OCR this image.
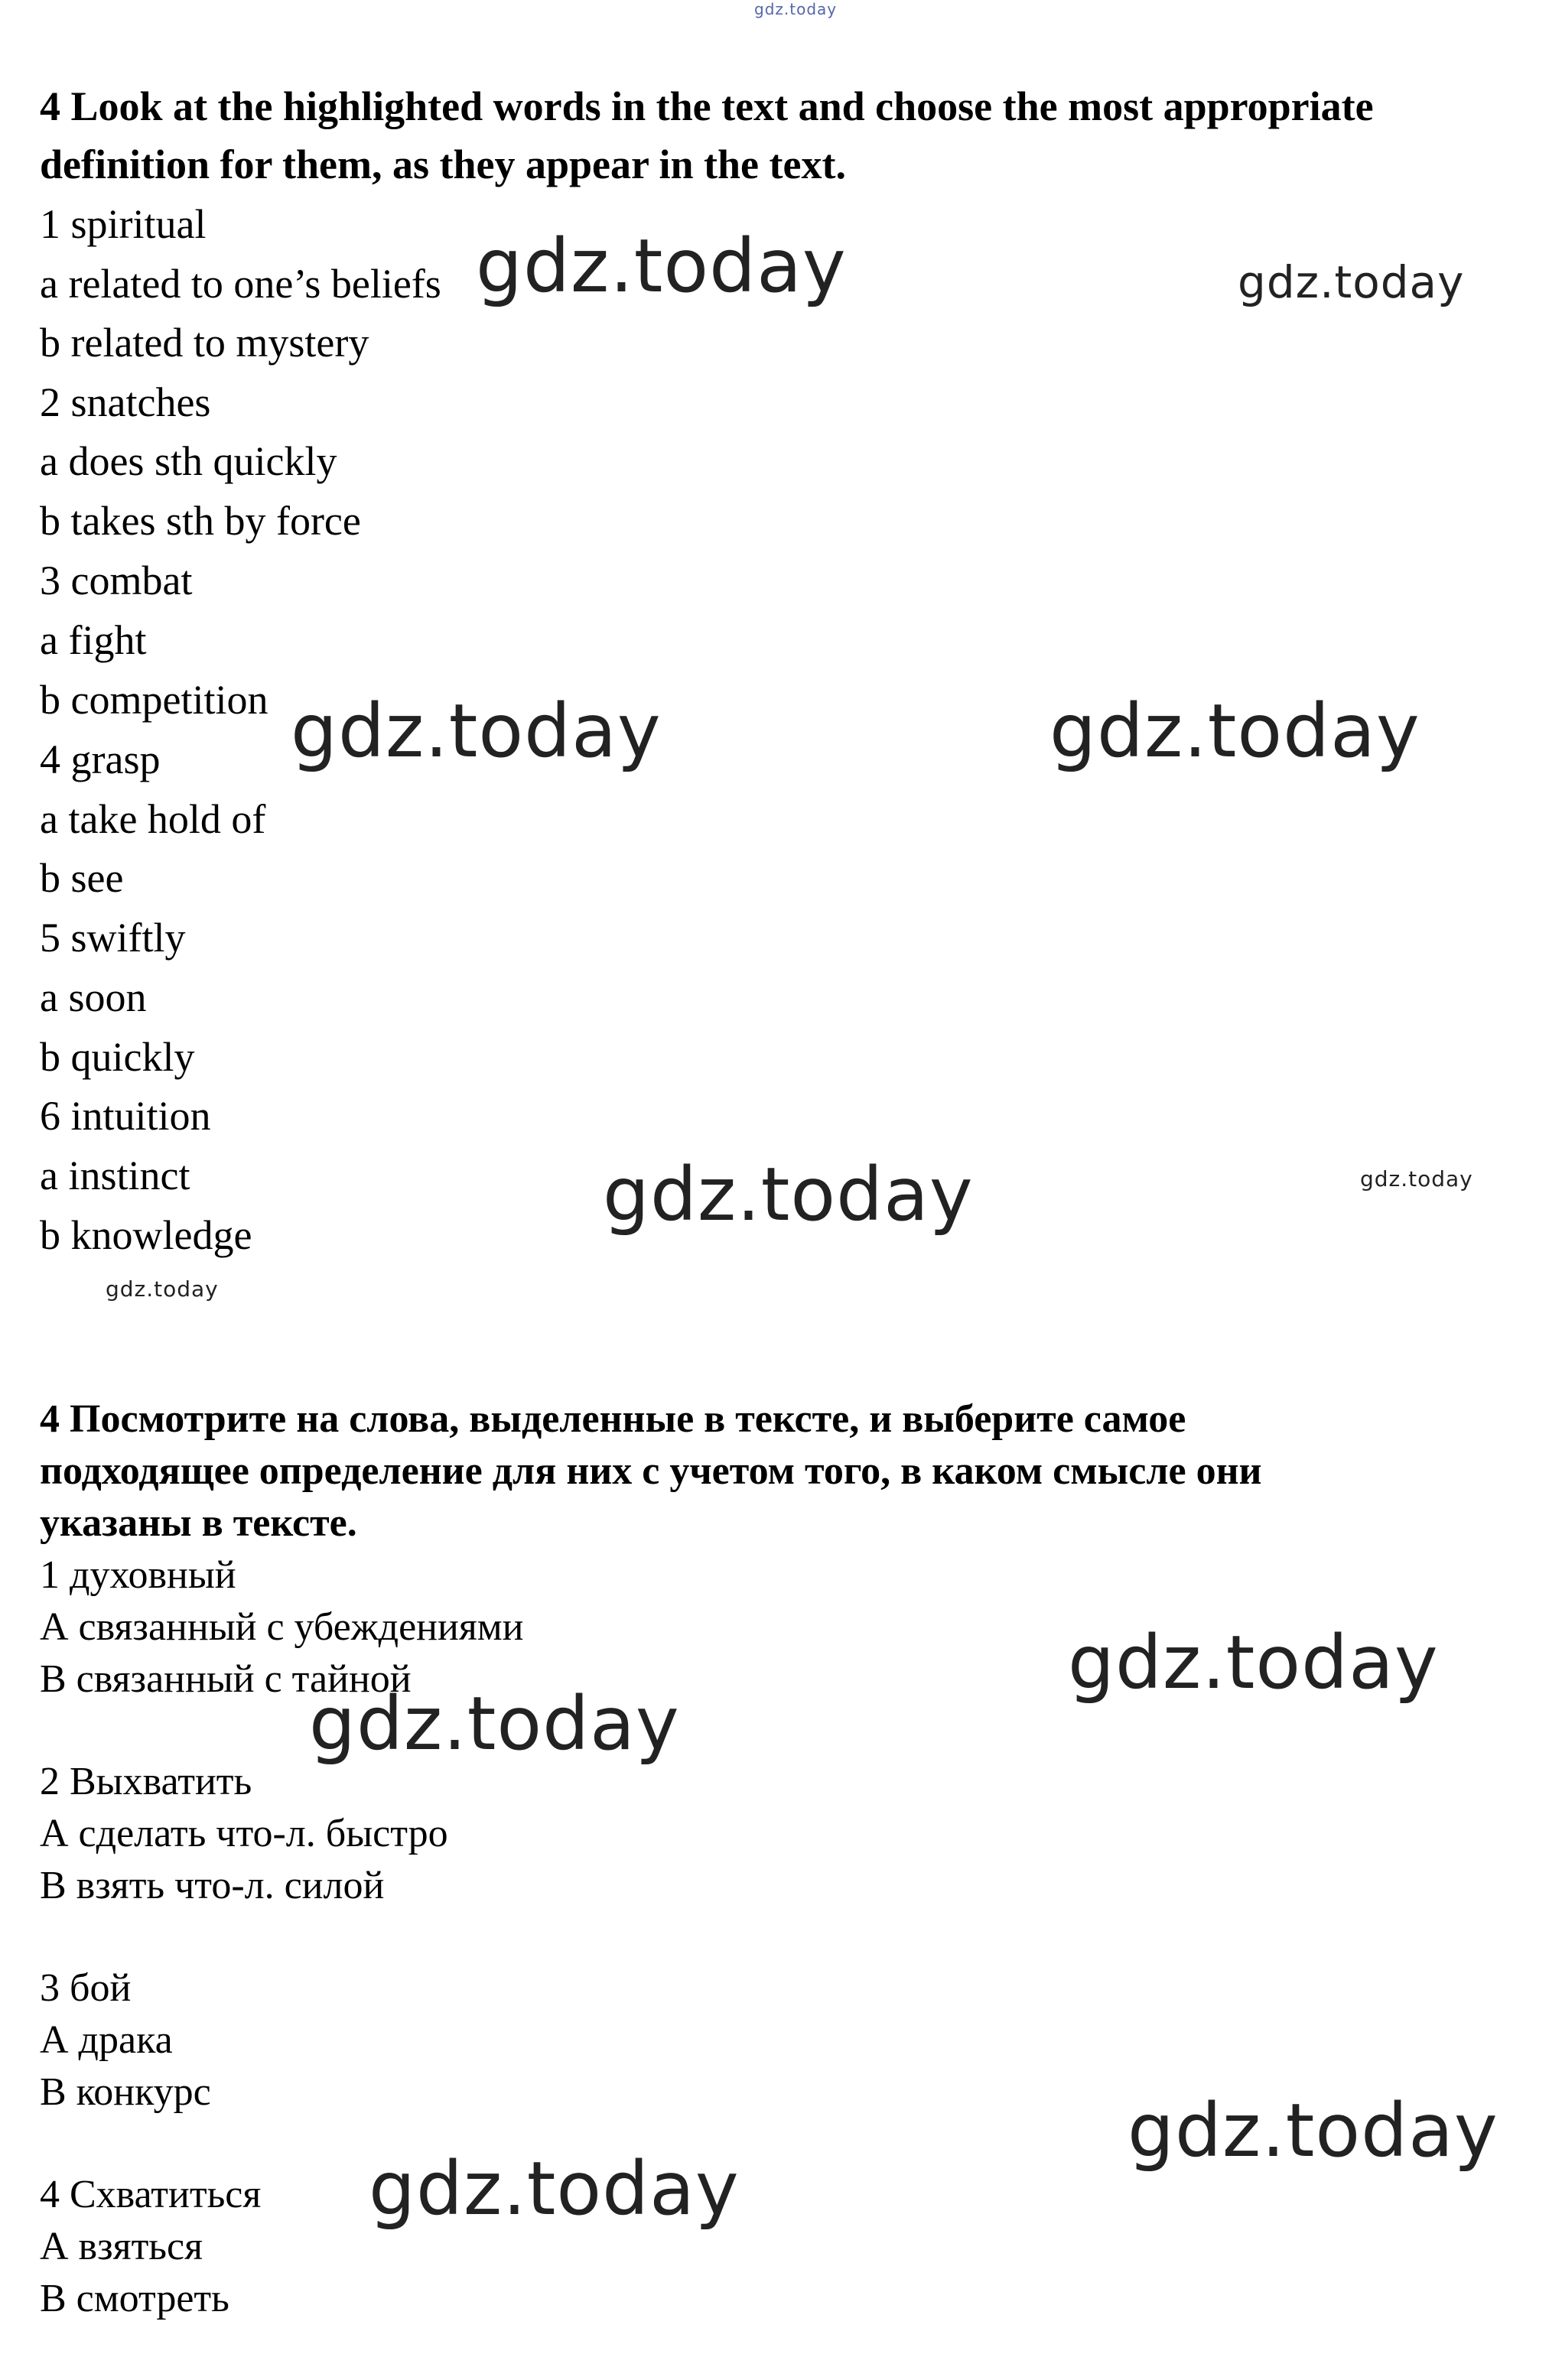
gdz.today
gdz.today	gdz.today
gdz.today	gdz.today
gdz.today	gdz.today
gdz.today
gdz.today
gdz.today
gdz.today
gdz.today
4 Look at the highlighted words in the text and choose the most appropriate
definition for them, as they appear in the text.
1 spiritual
a related to one’s beliefs
b related to mystery
2 snatches
a does sth quickly
b takes sth by force
3 combat
a fight
b competition
4 grasp
a take hold of
b see
5 swiftly
a soon
b quickly
6 intuition
a instinct
b knowledge
4 Посмотрите на слова, выделенные в тексте, и выберите самое
подходящее определение для них с учетом того, в каком смысле они
указаны в тексте.
1 духовный
А связанный с убеждениями
В связанный с тайной
2 Выхватить
А сделать что-л. быстро
В взять что-л. силой
3 бой
А драка
В конкурс
4 Схватиться
А взяться
В смотреть
